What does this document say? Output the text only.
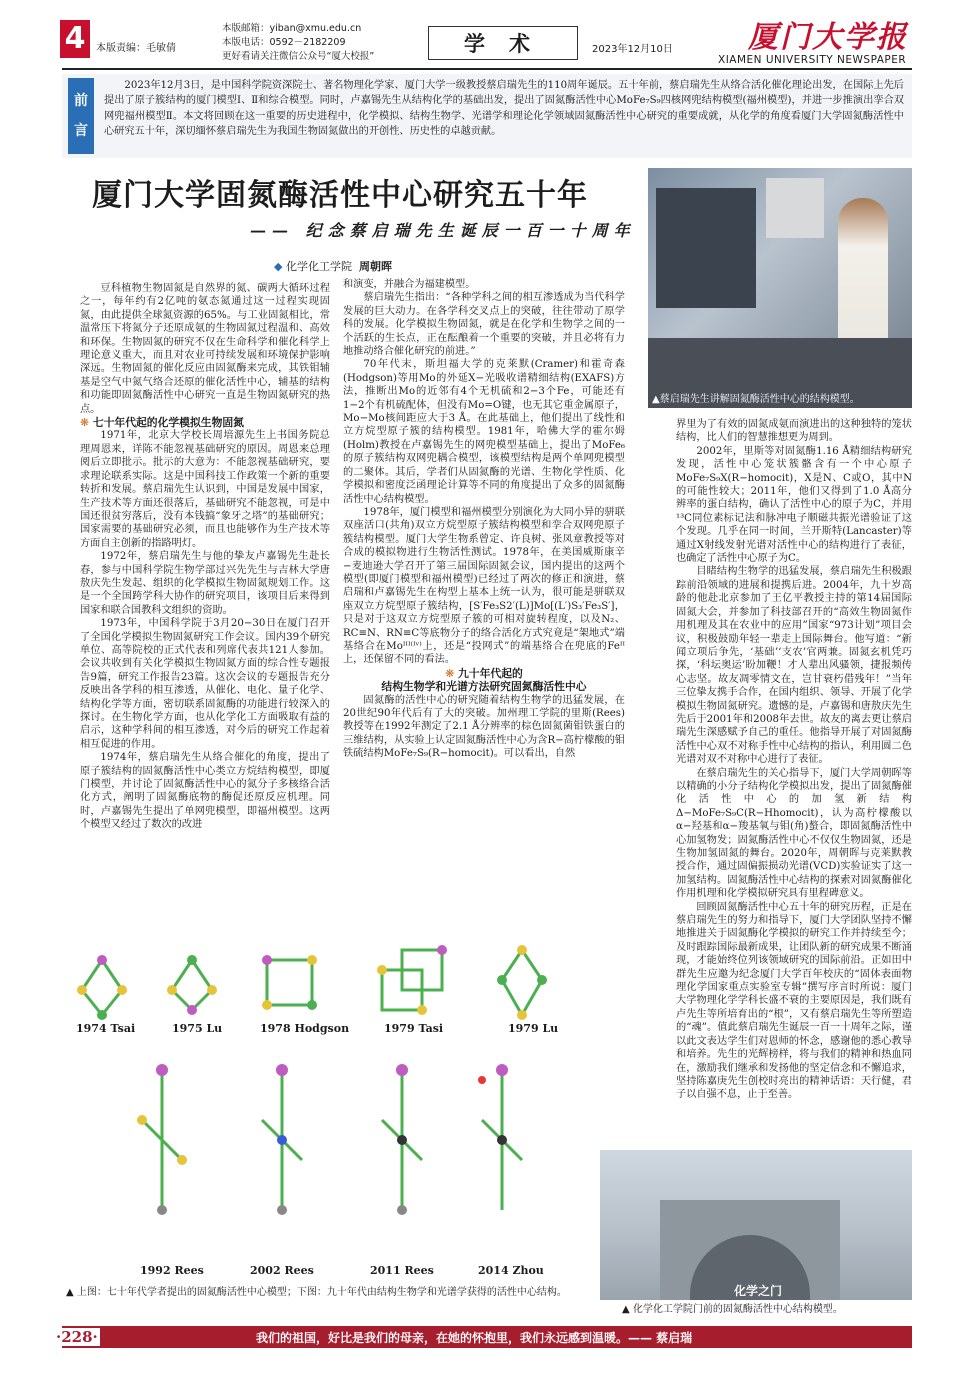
4	本版责编：毛敏倩
本版邮箱：yiban@xmu.edu.cn
本版电话：0592－2182209
更好看请关注微信公众号“厦大校报”
学术	2023年12月10日	厦门大学报
XIAMEN UNIVERSITY NEWSPAPER
前言
2023年12月3日，是中国科学院资深院士、著名物理化学家、厦门大学一级教授蔡启瑞先生的110周年诞辰。五十年前，蔡启瑞先生从络合活化催化理论出发，在国际上先后提出了原子簇结构的厦门模型Ⅰ、Ⅱ和综合模型。同时，卢嘉锡先生从结构化学的基础出发，提出了固氮酶活性中心MoFe₇S₉四核网兜结构模型(福州模型)，并进一步推演出孪合双网兜福州模型Ⅱ。本文将回顾在这一重要的历史进程中，化学模拟、结构生物学、光谱学和理论化学领域固氮酶活性中心研究的重要成就，从化学的角度看厦门大学固氮酶活性中心研究五十年，深切缅怀蔡启瑞先生为我国生物固氮做出的开创性、历史性的卓越贡献。
厦门大学固氮酶活性中心研究五十年
—— 纪念蔡启瑞先生诞辰一百一十周年
◆ 化学化工学院 周朝晖
▲蔡启瑞先生讲解固氮酶活性中心的结构模型。

豆科植物生物固氮是自然界的氮、碳两大循环过程之一，每年约有2亿吨的氨态氮通过这一过程实现固氮，由此提供全球氮资源的65%。与工业固氮相比，常温常压下将氮分子还原成氨的生物固氮过程温和、高效和环保。生物固氮的研究不仅在生命科学和催化科学上理论意义重大，而且对农业可持续发展和环境保护影响深远。生物固氮的催化反应由固氮酶来完成，其铁钼辅基是空气中氮气络合还原的催化活性中心，辅基的结构和功能即固氮酶活性中心研究一直是生物固氮研究的热点。

❋ 七十年代起的化学模拟生物固氮

1971年，北京大学校长周培源先生上书国务院总理周恩来，详陈不能忽视基础研究的原因。周恩来总理阅后立即批示。批示的大意为：不能忽视基础研究，要求理论联系实际。这是中国科技工作政策一个新的重要转折和发展。蔡启瑞先生认识到，中国是发展中国家，生产技术等方面还很落后，基础研究不能忽视，可是中国还很贫穷落后，没有本钱搞“象牙之塔”的基础研究；国家需要的基础研究必须，而且也能够作为生产技术等方面自主创新的指路明灯。

1972年，蔡启瑞先生与他的挚友卢嘉锡先生赴长春，参与中国科学院生物学部过兴先先生与吉林大学唐敖庆先生发起、组织的化学模拟生物固氮规划工作。这是一个全国跨学科大协作的研究项目，该项目后来得到国家和联合国教科文组织的资助。

1973年，中国科学院于3月20−30日在厦门召开了全国化学模拟生物固氮研究工作会议。国内39个研究单位、高等院校的正式代表和列席代表共121人参加。会议共收到有关化学模拟生物固氮方面的综合性专题报告9篇，研究工作报告23篇。这次会议的专题报告充分反映出各学科的相互渗透，从催化、电化、量子化学、结构化学等方面，密切联系固氮酶的功能进行较深入的探讨。在生物化学方面，也从化学化工方面吸取有益的启示，这种学科间的相互渗透，对今后的研究工作起着相互促进的作用。

1974年，蔡启瑞先生从络合催化的角度，提出了原子簇结构的固氮酶活性中心类立方烷结构模型，即厦门模型，并讨论了固氮酶活性中心的氮分子多核络合活化方式，阐明了固氮酶底物的酶促还原反应机理。同时，卢嘉锡先生提出了单网兜模型，即福州模型。这两个模型又经过了数次的改进

和演变，并融合为福建模型。

蔡启瑞先生指出：“各种学科之间的相互渗透成为当代科学发展的巨大动力。在各学科交叉点上的突破，往往带动了原学科的发展。化学模拟生物固氮，就是在化学和生物学之间的一个活跃的生长点，正在酝酿着一个重要的突破，并且必将有力地推动络合催化研究的前进。”

70年代末，斯坦福大学的克莱默(Cramer)和霍奇森(Hodgson)等用Mo的外延X−光吸收谱精细结构(EXAFS)方法，推断出Mo的近邻有4个无机硫和2−3个Fe，可能还有1−2个有机硫配体，但没有Mo=O键，也无其它重金属原子，Mo−Mo核间距应大于3 Å。在此基础上，他们提出了线性和立方烷型原子簇的结构模型。1981年，哈佛大学的霍尔姆(Holm)教授在卢嘉锡先生的网兜模型基础上，提出了MoFe₆的原子簇结构双网兜耦合模型，该模型结构是两个单网兜模型的二聚体。其后，学者们从固氮酶的光谱、生物化学性质、化学模拟和密度泛函理论计算等不同的角度提出了众多的固氮酶活性中心结构模型。

1978年，厦门模型和福州模型分别演化为大同小异的骈联双座活口(共角)双立方烷型原子簇结构模型和孪合双网兜原子簇结构模型。厦门大学生物系曾定、许良树、张凤章教授等对合成的模拟物进行生物活性测试。1978年，在美国威斯康辛−麦迪逊大学召开了第三届国际固氮会议，国内提出的这两个模型(即厦门模型和福州模型)已经过了两次的修正和演进，蔡启瑞和卢嘉锡先生在构型上基本上统一认为，很可能是骈联双座双立方烷型原子簇结构，[S′Fe₃S2′(L)]Mo[(L′)S₃′Fe₃S′]，只是对于这双立方烷型原子簇的可相对旋转程度，以及N₂、RC≡N、RN≡C等底物分子的络合活化方式究竟是“架地式”端基络合在Moᴵᴵᴵ⁽ᴵᵛ⁾上，还是“投网式”的端基络合在兜底的Feᴵᴵ上，还保留不同的看法。

❋ 九十年代起的
结构生物学和光谱方法研究固氮酶活性中心

固氮酶的活性中心的研究随着结构生物学的迅猛发展，在20世纪90年代后有了大的突破。加州理工学院的里斯(Rees)教授等在1992年测定了2.1 Å分辨率的棕色固氮菌钼铁蛋白的三维结构，从实验上认定固氮酶活性中心为含R−高柠檬酸的钼铁硫结构MoFe₇S₉(R−homocit)。可以看出，自然

界里为了有效的固氮成氨而演进出的这种独特的笼状结构，比人们的智慧推想更为周到。

2002年，里斯等对固氮酶1.16 Å精细结构研究发现，活性中心笼状簇骼含有一个中心原子MoFe₇S₉X(R−homocit)，X是N、C或O，其中N的可能性较大；2011年，他们又得到了1.0 Å高分辨率的蛋白结构，确认了活性中心的原子为C，并用¹³C同位素标记法和脉冲电子顺磁共振光谱验证了这个发现。几乎在同一时间，兰开斯特(Lancaster)等通过X射线发射光谱对活性中心的结构进行了表征，也确定了活性中心原子为C。

目睹结构生物学的迅猛发展，蔡启瑞先生积极跟踪前沿领域的进展和提携后进。2004年，九十岁高龄的他赴北京参加了王亿平教授主持的第14届国际固氮大会，并参加了科技部召开的“高效生物固氮作用机理及其在农业中的应用”国家“973计划”项目会议，积极鼓励年轻一辈走上国际舞台。他写道：“新闻立项后争先，‘基础’‘支农’官两兼。固氮玄机凭巧探，‘科坛奥运’盼加鞭！才人辈出风骚领，捷报频传心志坚。故友凋零情文在，岂甘衰朽借残年！”当年三位挚友携手合作，在国内组织、领导、开展了化学模拟生物固氮研究。遗憾的是，卢嘉锡和唐敖庆先生先后于2001年和2008年去世。故友的离去更让蔡启瑞先生深感赋予自己的重任。他指导开展了对固氮酶活性中心双不对称手性中心结构的指认，利用圆二色光谱对双不对称中心进行了表征。

在蔡启瑞先生的关心指导下，厦门大学周朝晖等以精确的小分子结构化学模拟出发，提出了固氮酶催化活性中心的加氢新结构Δ−MoFe₇S₉C(R−Hhomocit)，认为高柠檬酸以α−羟基和α−羧基氧与钼(角)螯合，即固氮酶活性中心加氢物发；固氮酶活性中心不仅仅生物固氮，还是生物加氢固氮的舞台。2020年，周朝晖与克莱默教授合作，通过固偏振损动光谱(VCD)实验证实了这一加氢结构。固氮酶活性中心结构的探索对固氮酶催化作用机理和化学模拟研究具有里程碑意义。

回顾固氮酶活性中心五十年的研究历程，正是在蔡启瑞先生的努力和指导下，厦门大学团队坚持不懈地推进关于固氮酶化学模拟的研究工作并持续至今；及时跟踪国际最新成果，让团队新的研究成果不断涌现，才能始终位列该领域研究的国际前沿。正如田中群先生应邀为纪念厦门大学百年校庆的“固体表面物理化学国家重点实验室专辑”撰写序言时所说：厦门大学物理化学学科长盛不衰的主要原因是，我们既有卢先生等所培育出的“根”，又有蔡启瑞先生等所塑造的“魂”。值此蔡启瑞先生诞辰一百一十周年之际，谨以此文表达学生们对恩师的怀念，感谢他的悉心教导和培养。先生的光辉榜样，将与我们的精神和热血同在，激励我们继承和发扬他的坚定信念和不懈追求，坚持陈嘉庚先生创校时亮出的精神话语：天行健，君子以自强不息，止于至善。

1974 Tsai	1975 Lu	1978 Hodgson	1979 Tasi	1979 Lu
1992 Rees	2002 Rees	2011 Rees	2014 Zhou
▲ 上图：七十年代学者提出的固氮酶活性中心模型；下图：九十年代由结构生物学和光谱学获得的活性中心结构。	化学之门
▲ 化学化工学院门前的固氮酶活性中心结构模型。
·228·	我们的祖国，好比是我们的母亲，在她的怀抱里，我们永远感到温暖。—— 蔡启瑞
